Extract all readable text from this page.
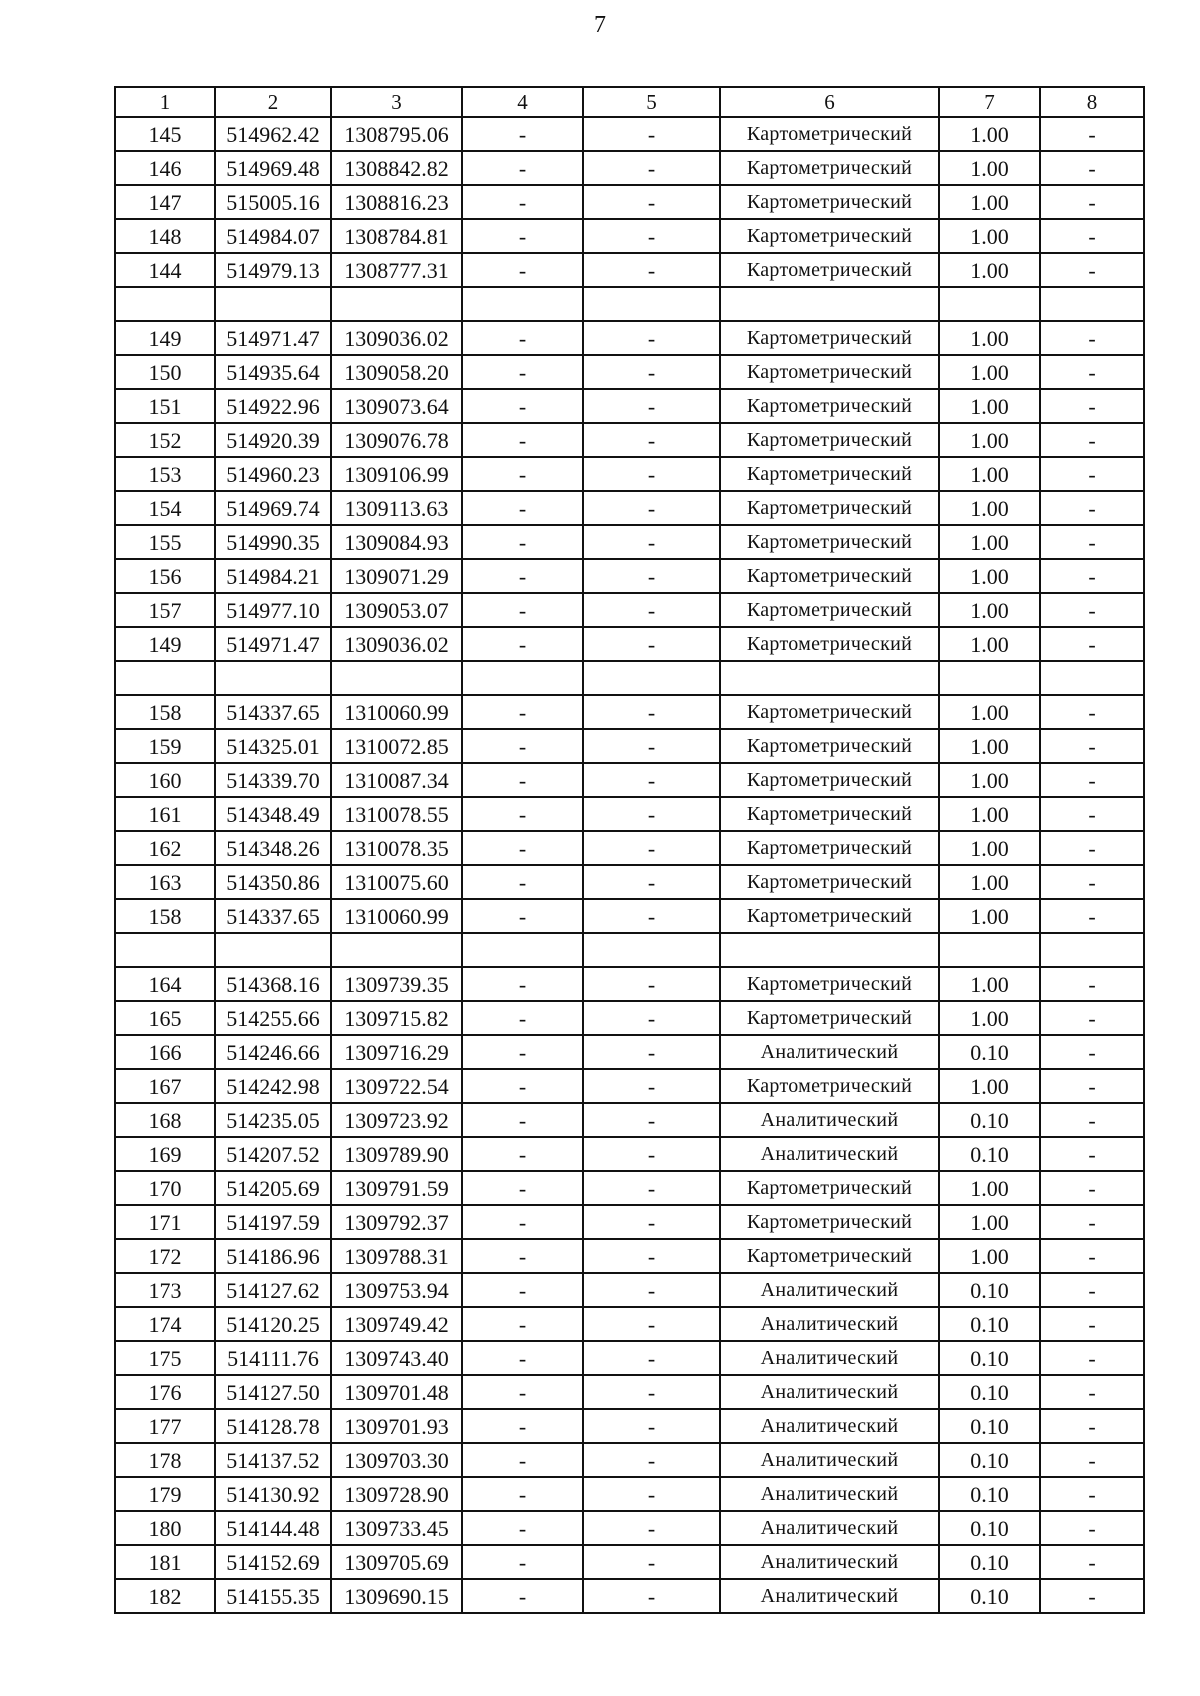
7
1	2	3	4	5	6	7	8
145	514962.42	1308795.06	-	-	Картометрический	1.00	-
146	514969.48	1308842.82	-	-	Картометрический	1.00	-
147	515005.16	1308816.23	-	-	Картометрический	1.00	-
148	514984.07	1308784.81	-	-	Картометрический	1.00	-
144	514979.13	1308777.31	-	-	Картометрический	1.00	-

149	514971.47	1309036.02	-	-	Картометрический	1.00	-
150	514935.64	1309058.20	-	-	Картометрический	1.00	-
151	514922.96	1309073.64	-	-	Картометрический	1.00	-
152	514920.39	1309076.78	-	-	Картометрический	1.00	-
153	514960.23	1309106.99	-	-	Картометрический	1.00	-
154	514969.74	1309113.63	-	-	Картометрический	1.00	-
155	514990.35	1309084.93	-	-	Картометрический	1.00	-
156	514984.21	1309071.29	-	-	Картометрический	1.00	-
157	514977.10	1309053.07	-	-	Картометрический	1.00	-
149	514971.47	1309036.02	-	-	Картометрический	1.00	-

158	514337.65	1310060.99	-	-	Картометрический	1.00	-
159	514325.01	1310072.85	-	-	Картометрический	1.00	-
160	514339.70	1310087.34	-	-	Картометрический	1.00	-
161	514348.49	1310078.55	-	-	Картометрический	1.00	-
162	514348.26	1310078.35	-	-	Картометрический	1.00	-
163	514350.86	1310075.60	-	-	Картометрический	1.00	-
158	514337.65	1310060.99	-	-	Картометрический	1.00	-

164	514368.16	1309739.35	-	-	Картометрический	1.00	-
165	514255.66	1309715.82	-	-	Картометрический	1.00	-
166	514246.66	1309716.29	-	-	Аналитический	0.10	-
167	514242.98	1309722.54	-	-	Картометрический	1.00	-
168	514235.05	1309723.92	-	-	Аналитический	0.10	-
169	514207.52	1309789.90	-	-	Аналитический	0.10	-
170	514205.69	1309791.59	-	-	Картометрический	1.00	-
171	514197.59	1309792.37	-	-	Картометрический	1.00	-
172	514186.96	1309788.31	-	-	Картометрический	1.00	-
173	514127.62	1309753.94	-	-	Аналитический	0.10	-
174	514120.25	1309749.42	-	-	Аналитический	0.10	-
175	514111.76	1309743.40	-	-	Аналитический	0.10	-
176	514127.50	1309701.48	-	-	Аналитический	0.10	-
177	514128.78	1309701.93	-	-	Аналитический	0.10	-
178	514137.52	1309703.30	-	-	Аналитический	0.10	-
179	514130.92	1309728.90	-	-	Аналитический	0.10	-
180	514144.48	1309733.45	-	-	Аналитический	0.10	-
181	514152.69	1309705.69	-	-	Аналитический	0.10	-
182	514155.35	1309690.15	-	-	Аналитический	0.10	-
